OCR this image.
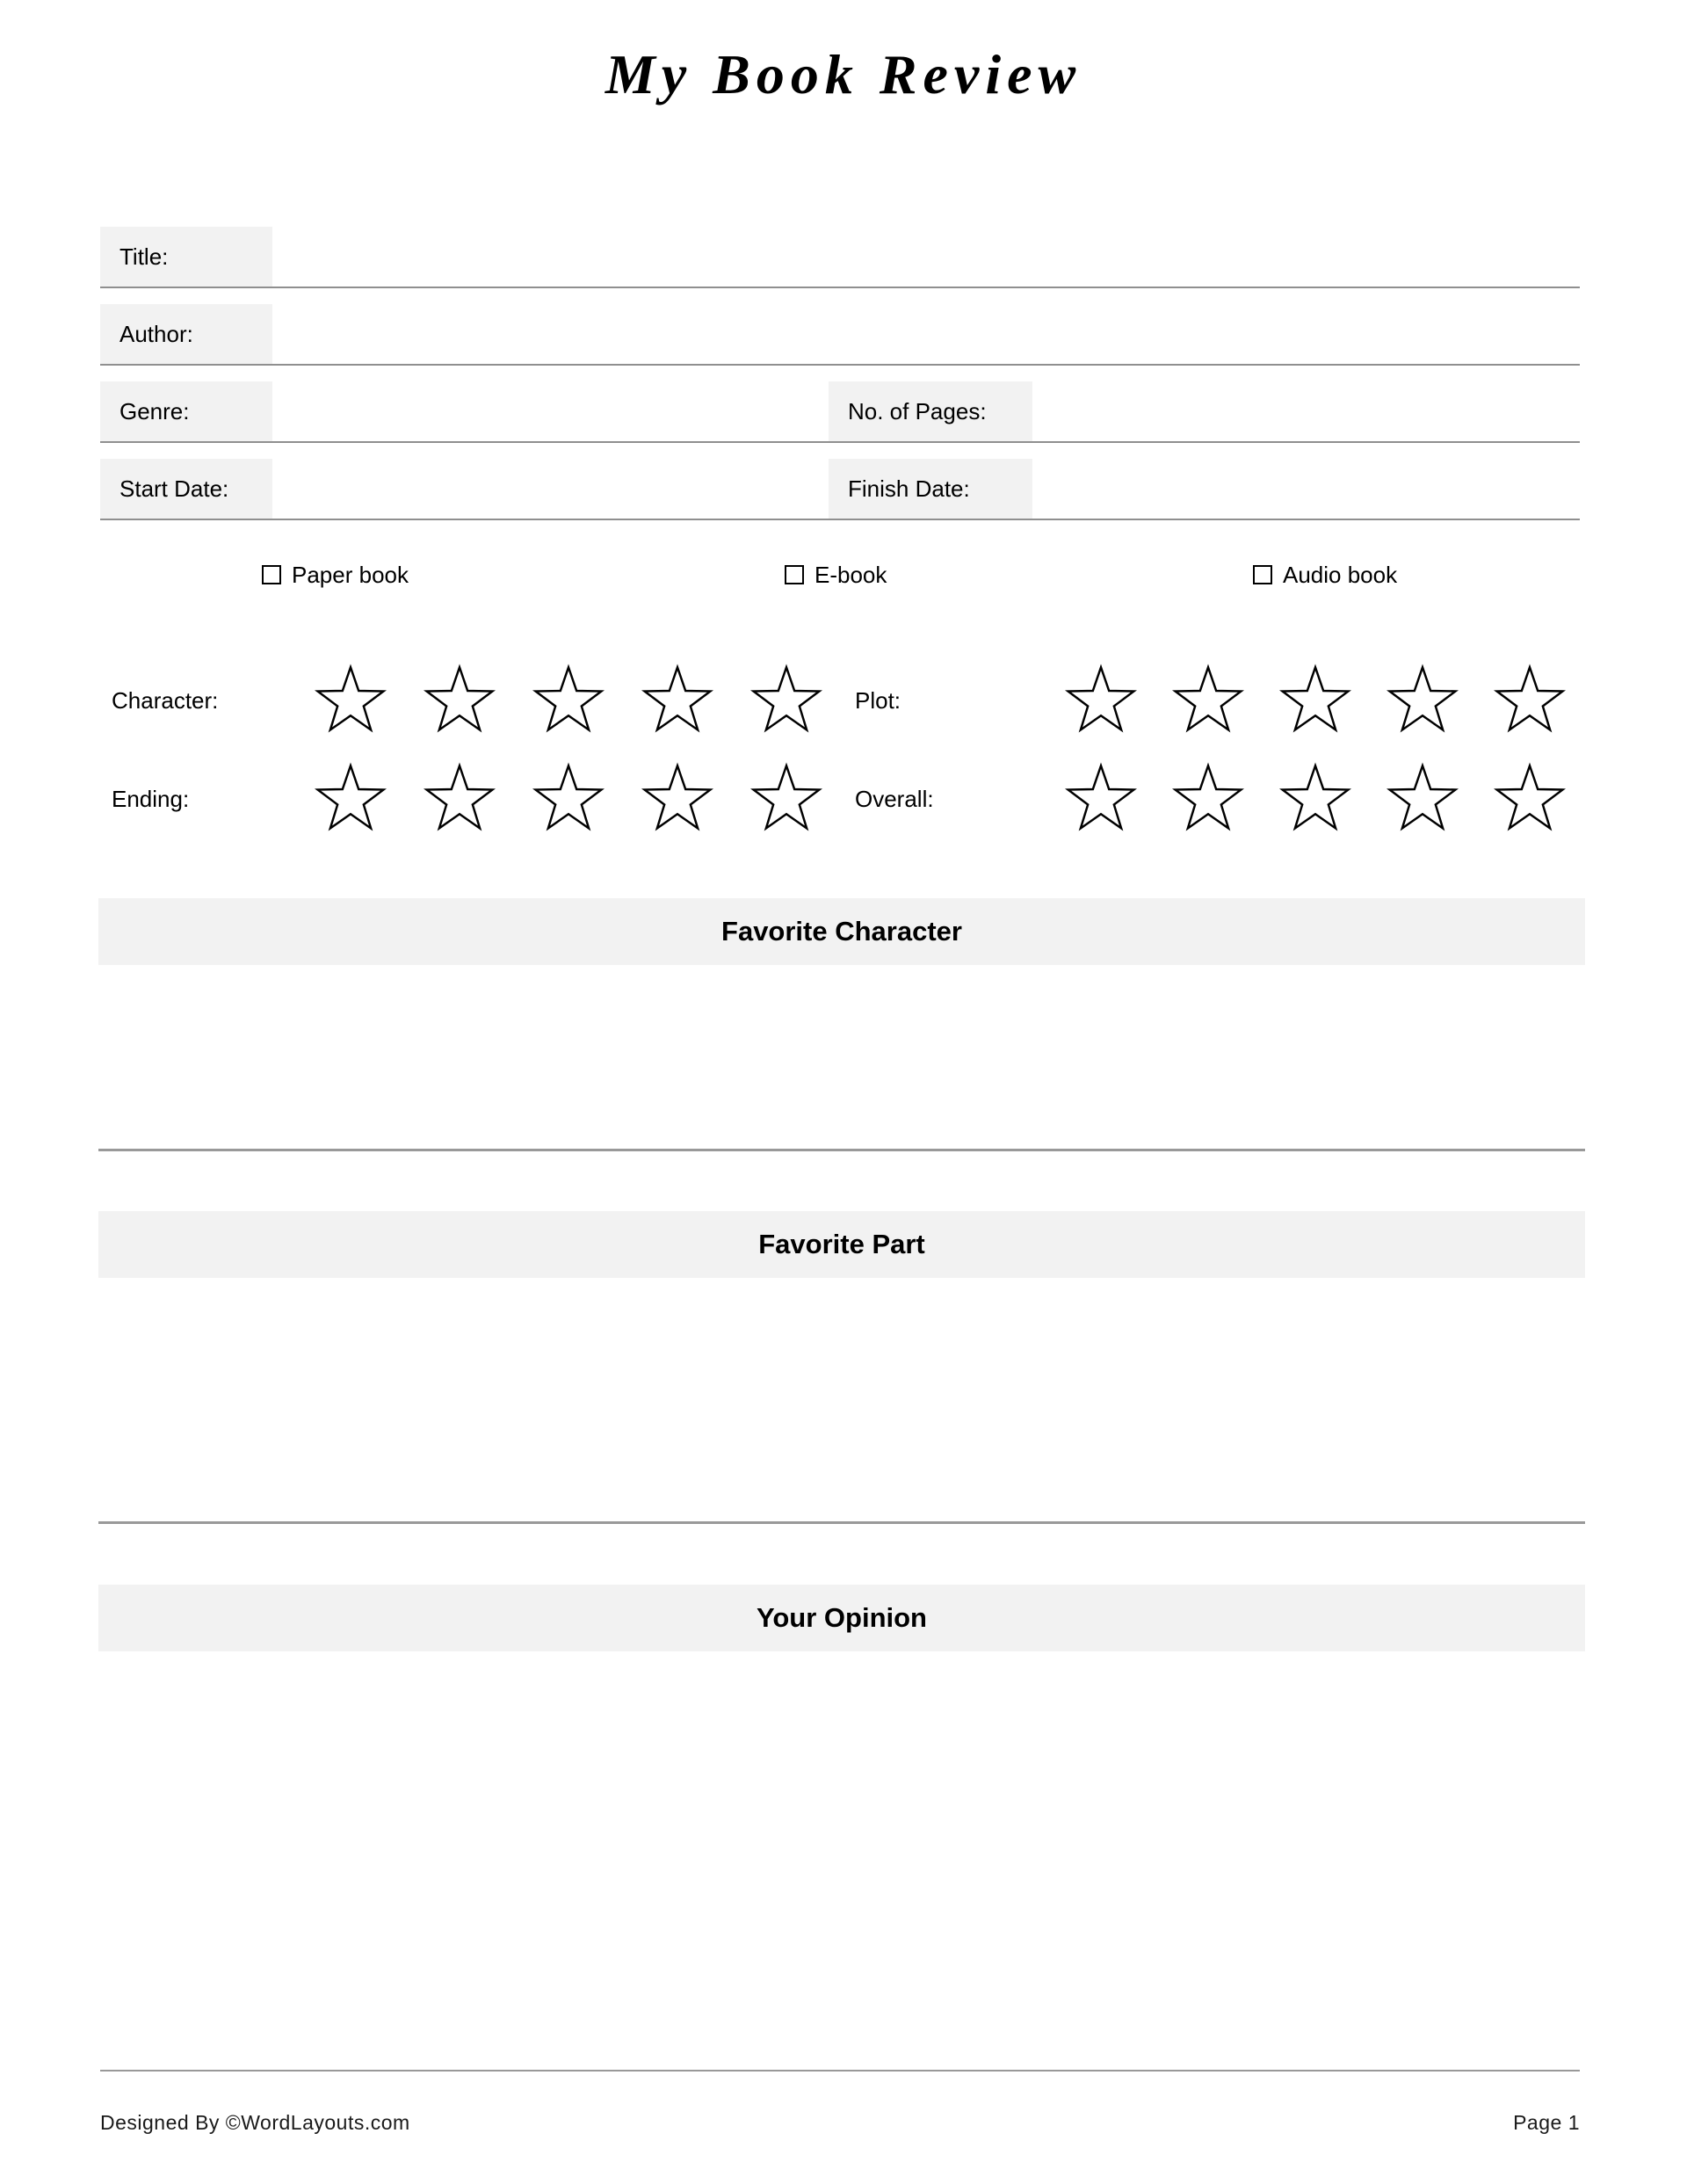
My Book Review
Title:
Author:
Genre:	No. of Pages:
Start Date:	Finish Date:
Paper book	E-book	Audio book
Character:	Plot:
Ending:	Overall:
Favorite Character
Favorite Part
Your Opinion
Designed By ©WordLayouts.com	Page 1
